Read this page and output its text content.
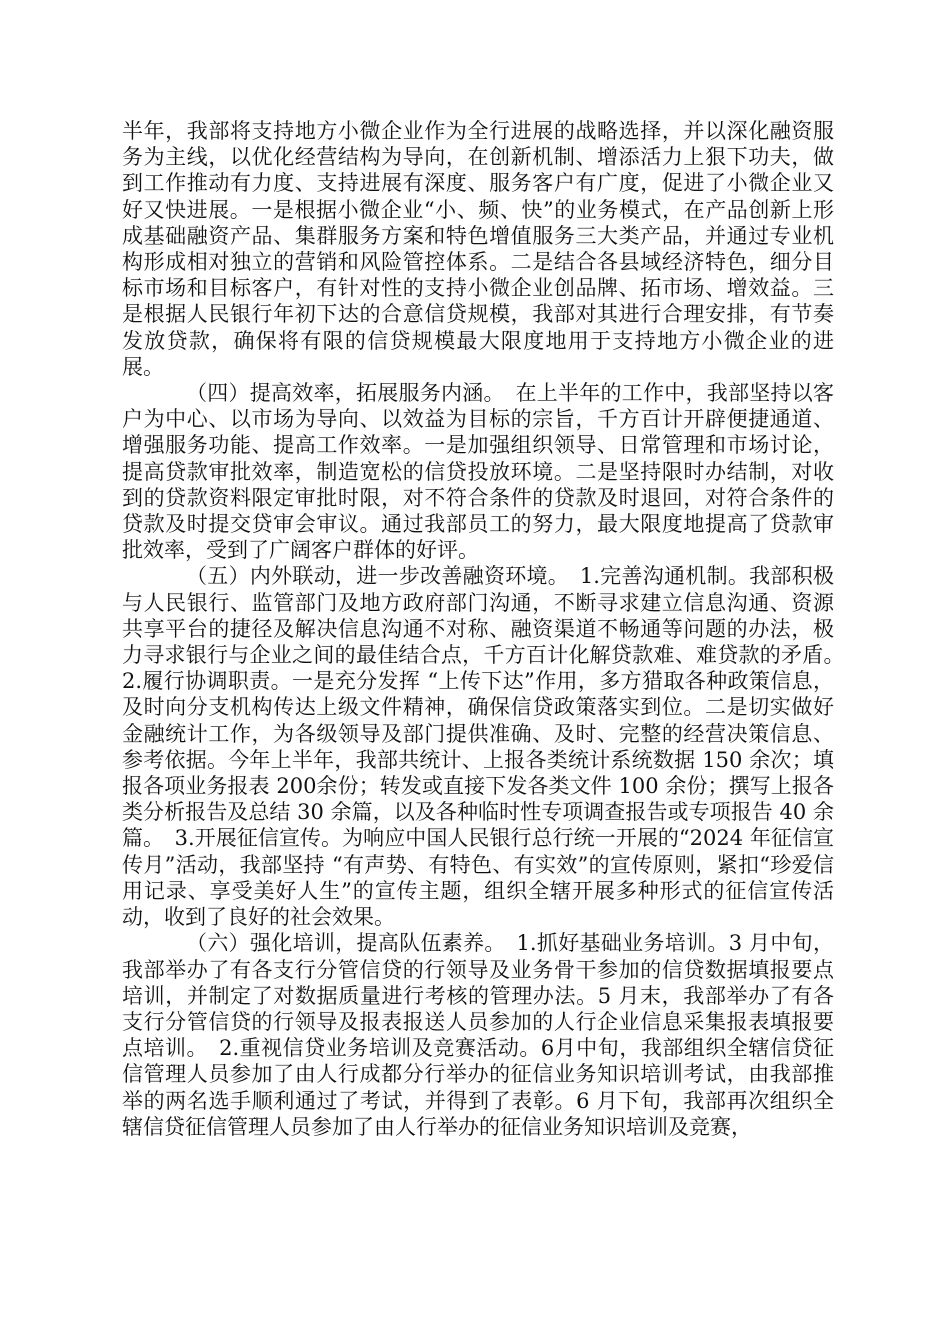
半年，我部将支持地方小微企业作为全行进展的战略选择，并以深化融资服务为主线，以优化经营结构为导向，在创新机制、增添活力上狠下功夫，做到工作推动有力度、支持进展有深度、服务客户有广度，促进了小微企业又好又快进展。一是根据小微企业“小、频、快”的业务模式，在产品创新上形成基础融资产品、集群服务方案和特色增值服务三大类产品，并通过专业机构形成相对独立的营销和风险管控体系。二是结合各县域经济特色，细分目标市场和目标客户，有针对性的支持小微企业创品牌、拓市场、增效益。三是根据人民银行年初下达的合意信贷规模，我部对其进行合理安排，有节奏发放贷款，确保将有限的信贷规模最大限度地用于支持地方小微企业的进展。

（四）提高效率，拓展服务内涵。　在上半年的工作中，我部坚持以客户为中心、以市场为导向、以效益为目标的宗旨，千方百计开辟便捷通道、增强服务功能、提高工作效率。一是加强组织领导、日常管理和市场讨论，提高贷款审批效率，制造宽松的信贷投放环境。二是坚持限时办结制，对收到的贷款资料限定审批时限，对不符合条件的贷款及时退回，对符合条件的贷款及时提交贷审会审议。通过我部员工的努力，最大限度地提高了贷款审批效率，受到了广阔客户群体的好评。

（五）内外联动，进一步改善融资环境。　1.完善沟通机制。我部积极与人民银行、监管部门及地方政府部门沟通，不断寻求建立信息沟通、资源共享平台的捷径及解决信息沟通不对称、融资渠道不畅通等问题的办法，极力寻求银行与企业之间的最佳结合点，千方百计化解贷款难、难贷款的矛盾。　2.履行协调职责。一是充分发挥 “上传下达”作用，多方猎取各种政策信息，及时向分支机构传达上级文件精神，确保信贷政策落实到位。二是切实做好金融统计工作，为各级领导及部门提供准确、及时、完整的经营决策信息、参考依据。今年上半年，我部共统计、上报各类统计系统数据 150 余次；填报各项业务报表 200余份；转发或直接下发各类文件 100 余份；撰写上报各类分析报告及总结 30 余篇，以及各种临时性专项调查报告或专项报告 40 余篇。　3.开展征信宣传。为响应中国人民银行总行统一开展的“2024 年征信宣传月”活动，我部坚持 “有声势、有特色、有实效”的宣传原则，紧扣“珍爱信用记录、享受美好人生”的宣传主题，组织全辖开展多种形式的征信宣传活动，收到了良好的社会效果。

（六）强化培训，提高队伍素养。　1.抓好基础业务培训。3 月中旬，我部举办了有各支行分管信贷的行领导及业务骨干参加的信贷数据填报要点培训，并制定了对数据质量进行考核的管理办法。5 月末，我部举办了有各支行分管信贷的行领导及报表报送人员参加的人行企业信息采集报表填报要点培训。　2.重视信贷业务培训及竞赛活动。6月中旬，我部组织全辖信贷征信管理人员参加了由人行成都分行举办的征信业务知识培训考试，由我部推举的两名选手顺利通过了考试，并得到了表彰。6 月下旬，我部再次组织全辖信贷征信管理人员参加了由人行举办的征信业务知识培训及竞赛，
